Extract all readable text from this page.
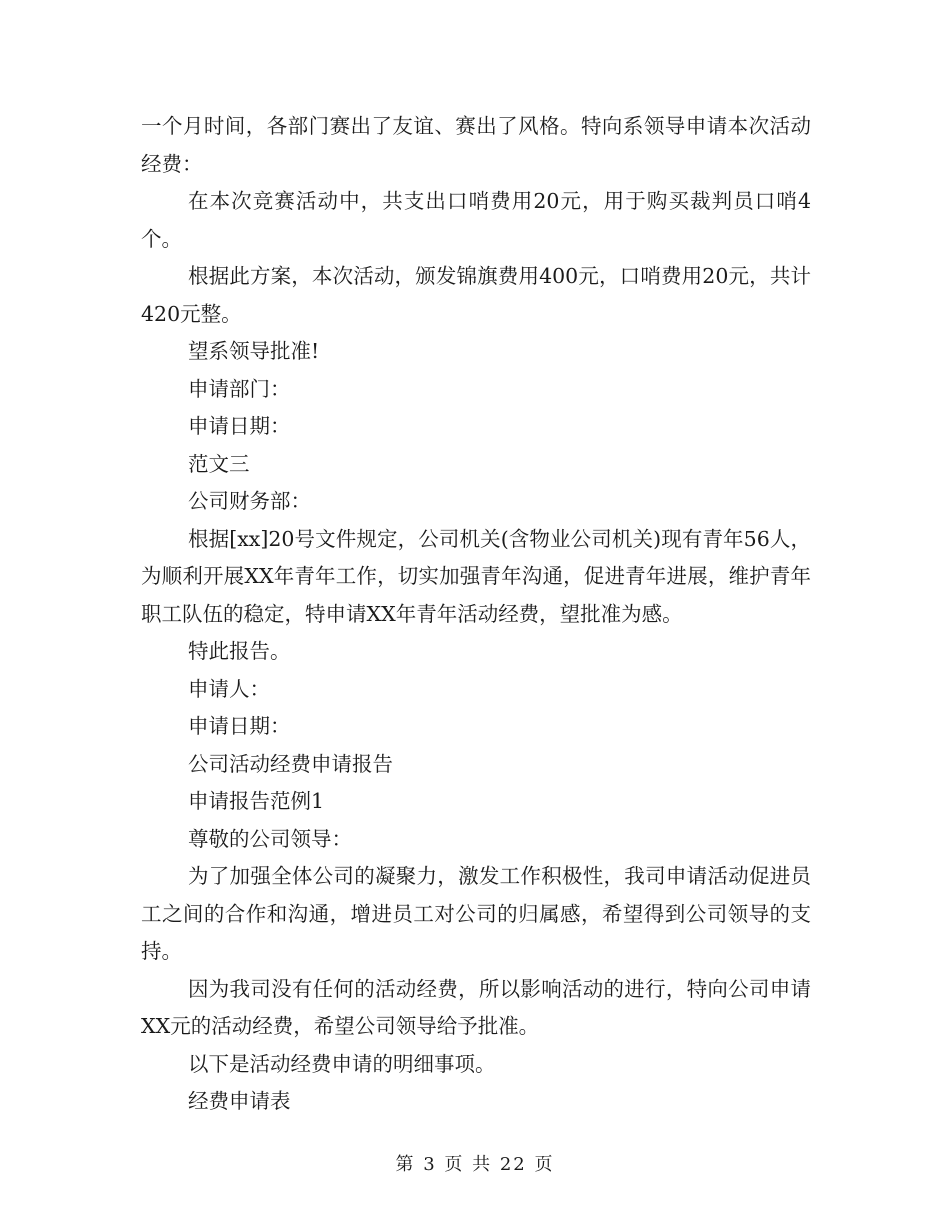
一个月时间，各部门赛出了友谊、赛出了风格。特向系领导申请本次活动经费：

在本次竞赛活动中，共支出口哨费用20元，用于购买裁判员口哨4个。

根据此方案，本次活动，颁发锦旗费用400元，口哨费用20元，共计420元整。

望系领导批准!

申请部门：

申请日期：

范文三

公司财务部：

根据[xx]20号文件规定，公司机关(含物业公司机关)现有青年56人，为顺利开展XX年青年工作，切实加强青年沟通，促进青年进展，维护青年职工队伍的稳定，特申请XX年青年活动经费，望批准为感。

特此报告。

申请人：

申请日期：

公司活动经费申请报告

申请报告范例1

尊敬的公司领导：

为了加强全体公司的凝聚力，激发工作积极性，我司申请活动促进员工之间的合作和沟通，增进员工对公司的归属感，希望得到公司领导的支持。

因为我司没有任何的活动经费，所以影响活动的进行，特向公司申请XX元的活动经费，希望公司领导给予批准。

以下是活动经费申请的明细事项。

经费申请表

第 3 页 共 22 页
